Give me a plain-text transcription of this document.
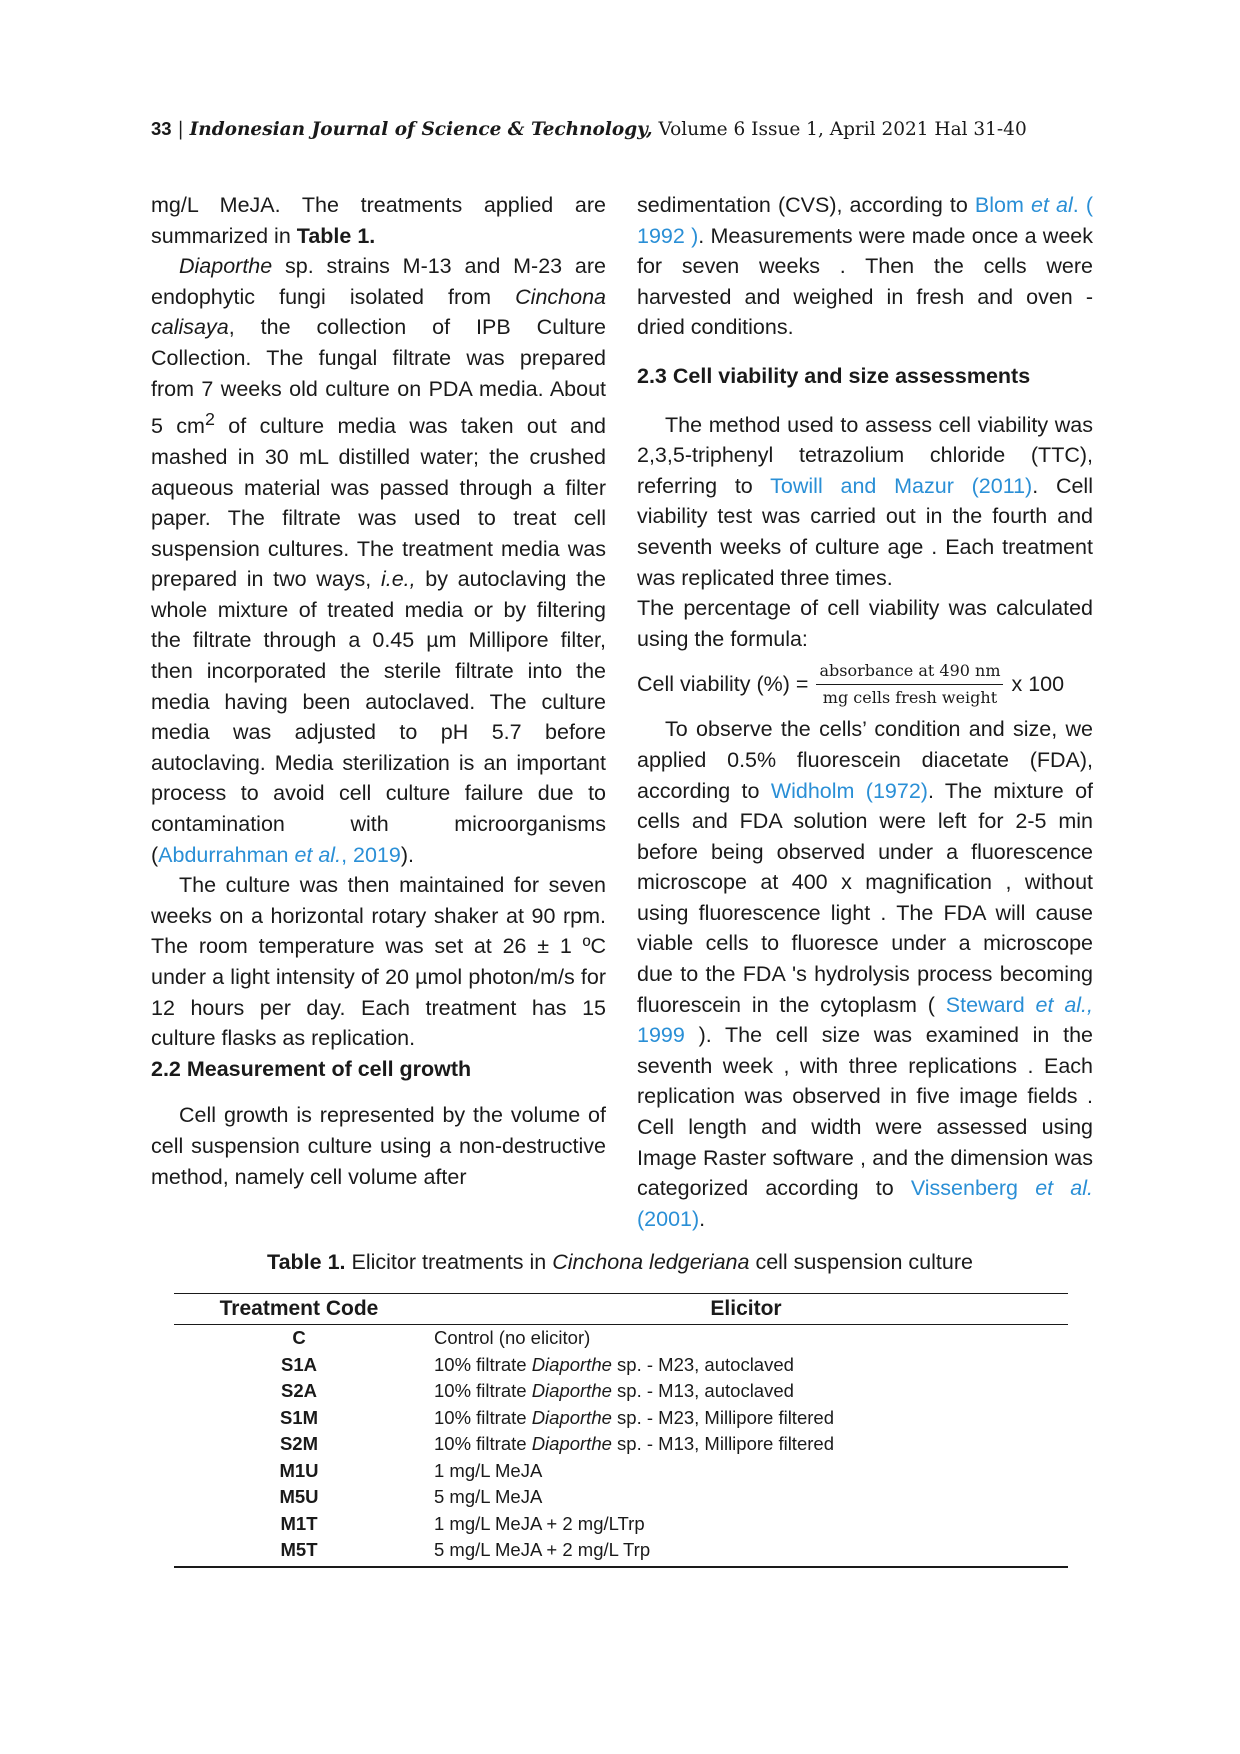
33 | Indonesian Journal of Science & Technology, Volume 6 Issue 1, April 2021 Hal 31-40

mg/L MeJA. The treatments applied are summarized in Table 1.

Diaporthe sp. strains M-13 and M-23 are endophytic fungi isolated from Cinchona calisaya, the collection of IPB Culture Collection. The fungal filtrate was prepared from 7 weeks old culture on PDA media. About 5 $cm^2$ of culture media was taken out and mashed in 30 mL distilled water; the crushed aqueous material was passed through a filter paper. The filtrate was used to treat cell suspension cultures. The treatment media was prepared in two ways, i.e., by autoclaving the whole mixture of treated media or by filtering the filtrate through a 0.45 µm Millipore filter, then incorporated the sterile filtrate into the media having been autoclaved. The culture media was adjusted to pH 5.7 before autoclaving. Media sterilization is an important process to avoid cell culture failure due to contamination with microorganisms (Abdurrahman et al., 2019).

The culture was then maintained for seven weeks on a horizontal rotary shaker at 90 rpm. The room temperature was set at 26 ± 1 ºC under a light intensity of 20 µmol photon/m/s for 12 hours per day. Each treatment has 15 culture flasks as replication.

2.2 Measurement of cell growth

Cell growth is represented by the volume of cell suspension culture using a non-destructive method, namely cell volume after

sedimentation (CVS), according to Blom et al. ( 1992 ). Measurements were made once a week for seven weeks . Then the cells were harvested and weighed in fresh and oven - dried conditions.

2.3 Cell viability and size assessments

The method used to assess cell viability was 2,3,5-triphenyl tetrazolium chloride (TTC), referring to Towill and Mazur (2011). Cell viability test was carried out in the fourth and seventh weeks of culture age . Each treatment was replicated three times.

The percentage of cell viability was calculated using the formula:

Cell viability (%) = $\frac{\text{absorbance at 490 nm}}{\text{mg cells fresh weight}}$ x 100

To observe the cells’ condition and size, we applied 0.5% fluorescein diacetate (FDA), according to Widholm (1972). The mixture of cells and FDA solution were left for 2-5 min before being observed under a fluorescence microscope at 400 x magnification , without using fluorescence light . The FDA will cause viable cells to fluoresce under a microscope due to the FDA 's hydrolysis process becoming fluorescein in the cytoplasm ( Steward et al., 1999 ). The cell size was examined in the seventh week , with three replications . Each replication was observed in five image fields . Cell length and width were assessed using Image Raster software , and the dimension was categorized according to Vissenberg et al. (2001).

Table 1. Elicitor treatments in Cinchona ledgeriana cell suspension culture
Treatment Code	Elicitor
C	Control (no elicitor)
S1A	10% filtrate Diaporthe sp. - M23, autoclaved
S2A	10% filtrate Diaporthe sp. - M13, autoclaved
S1M	10% filtrate Diaporthe sp. - M23, Millipore filtered
S2M	10% filtrate Diaporthe sp. - M13, Millipore filtered
M1U	1 mg/L MeJA
M5U	5 mg/L MeJA
M1T	1 mg/L MeJA + 2 mg/LTrp
M5T	5 mg/L MeJA + 2 mg/L Trp
